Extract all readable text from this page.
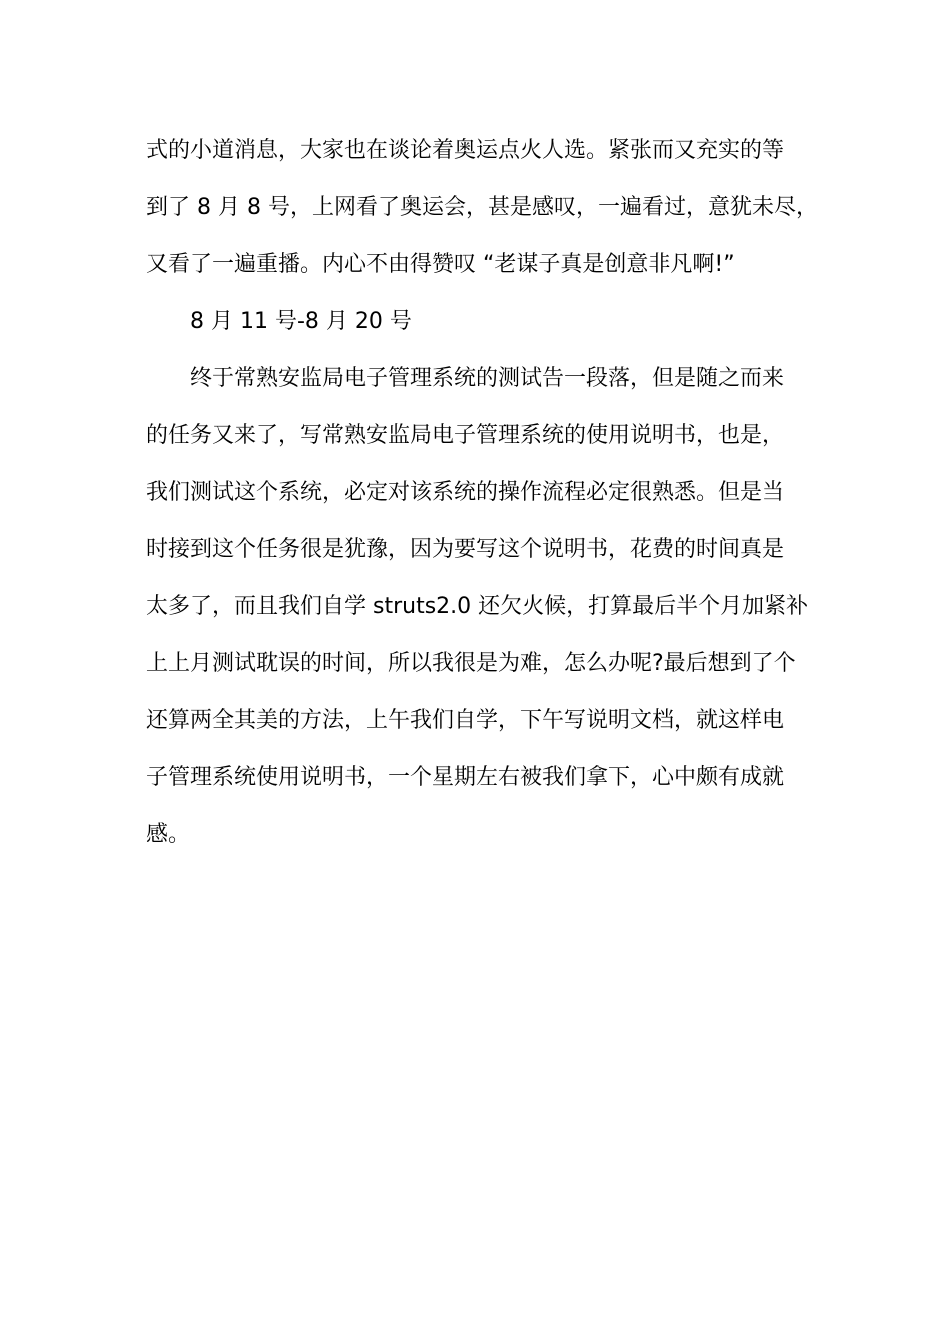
式的小道消息，大家也在谈论着奥运点火人选。紧张而又充实的等
到了 8 月 8 号，上网看了奥运会，甚是感叹，一遍看过，意犹未尽，
又看了一遍重播。内心不由得赞叹 “老谋子真是创意非凡啊!”
8 月 11 号-8 月 20 号
终于常熟安监局电子管理系统的测试告一段落，但是随之而来
的任务又来了，写常熟安监局电子管理系统的使用说明书，也是，
我们测试这个系统，必定对该系统的操作流程必定很熟悉。但是当
时接到这个任务很是犹豫，因为要写这个说明书，花费的时间真是
太多了，而且我们自学 struts2.0 还欠火候，打算最后半个月加紧补
上上月测试耽误的时间，所以我很是为难，怎么办呢?最后想到了个
还算两全其美的方法，上午我们自学，下午写说明文档，就这样电
子管理系统使用说明书，一个星期左右被我们拿下，心中颇有成就
感。
